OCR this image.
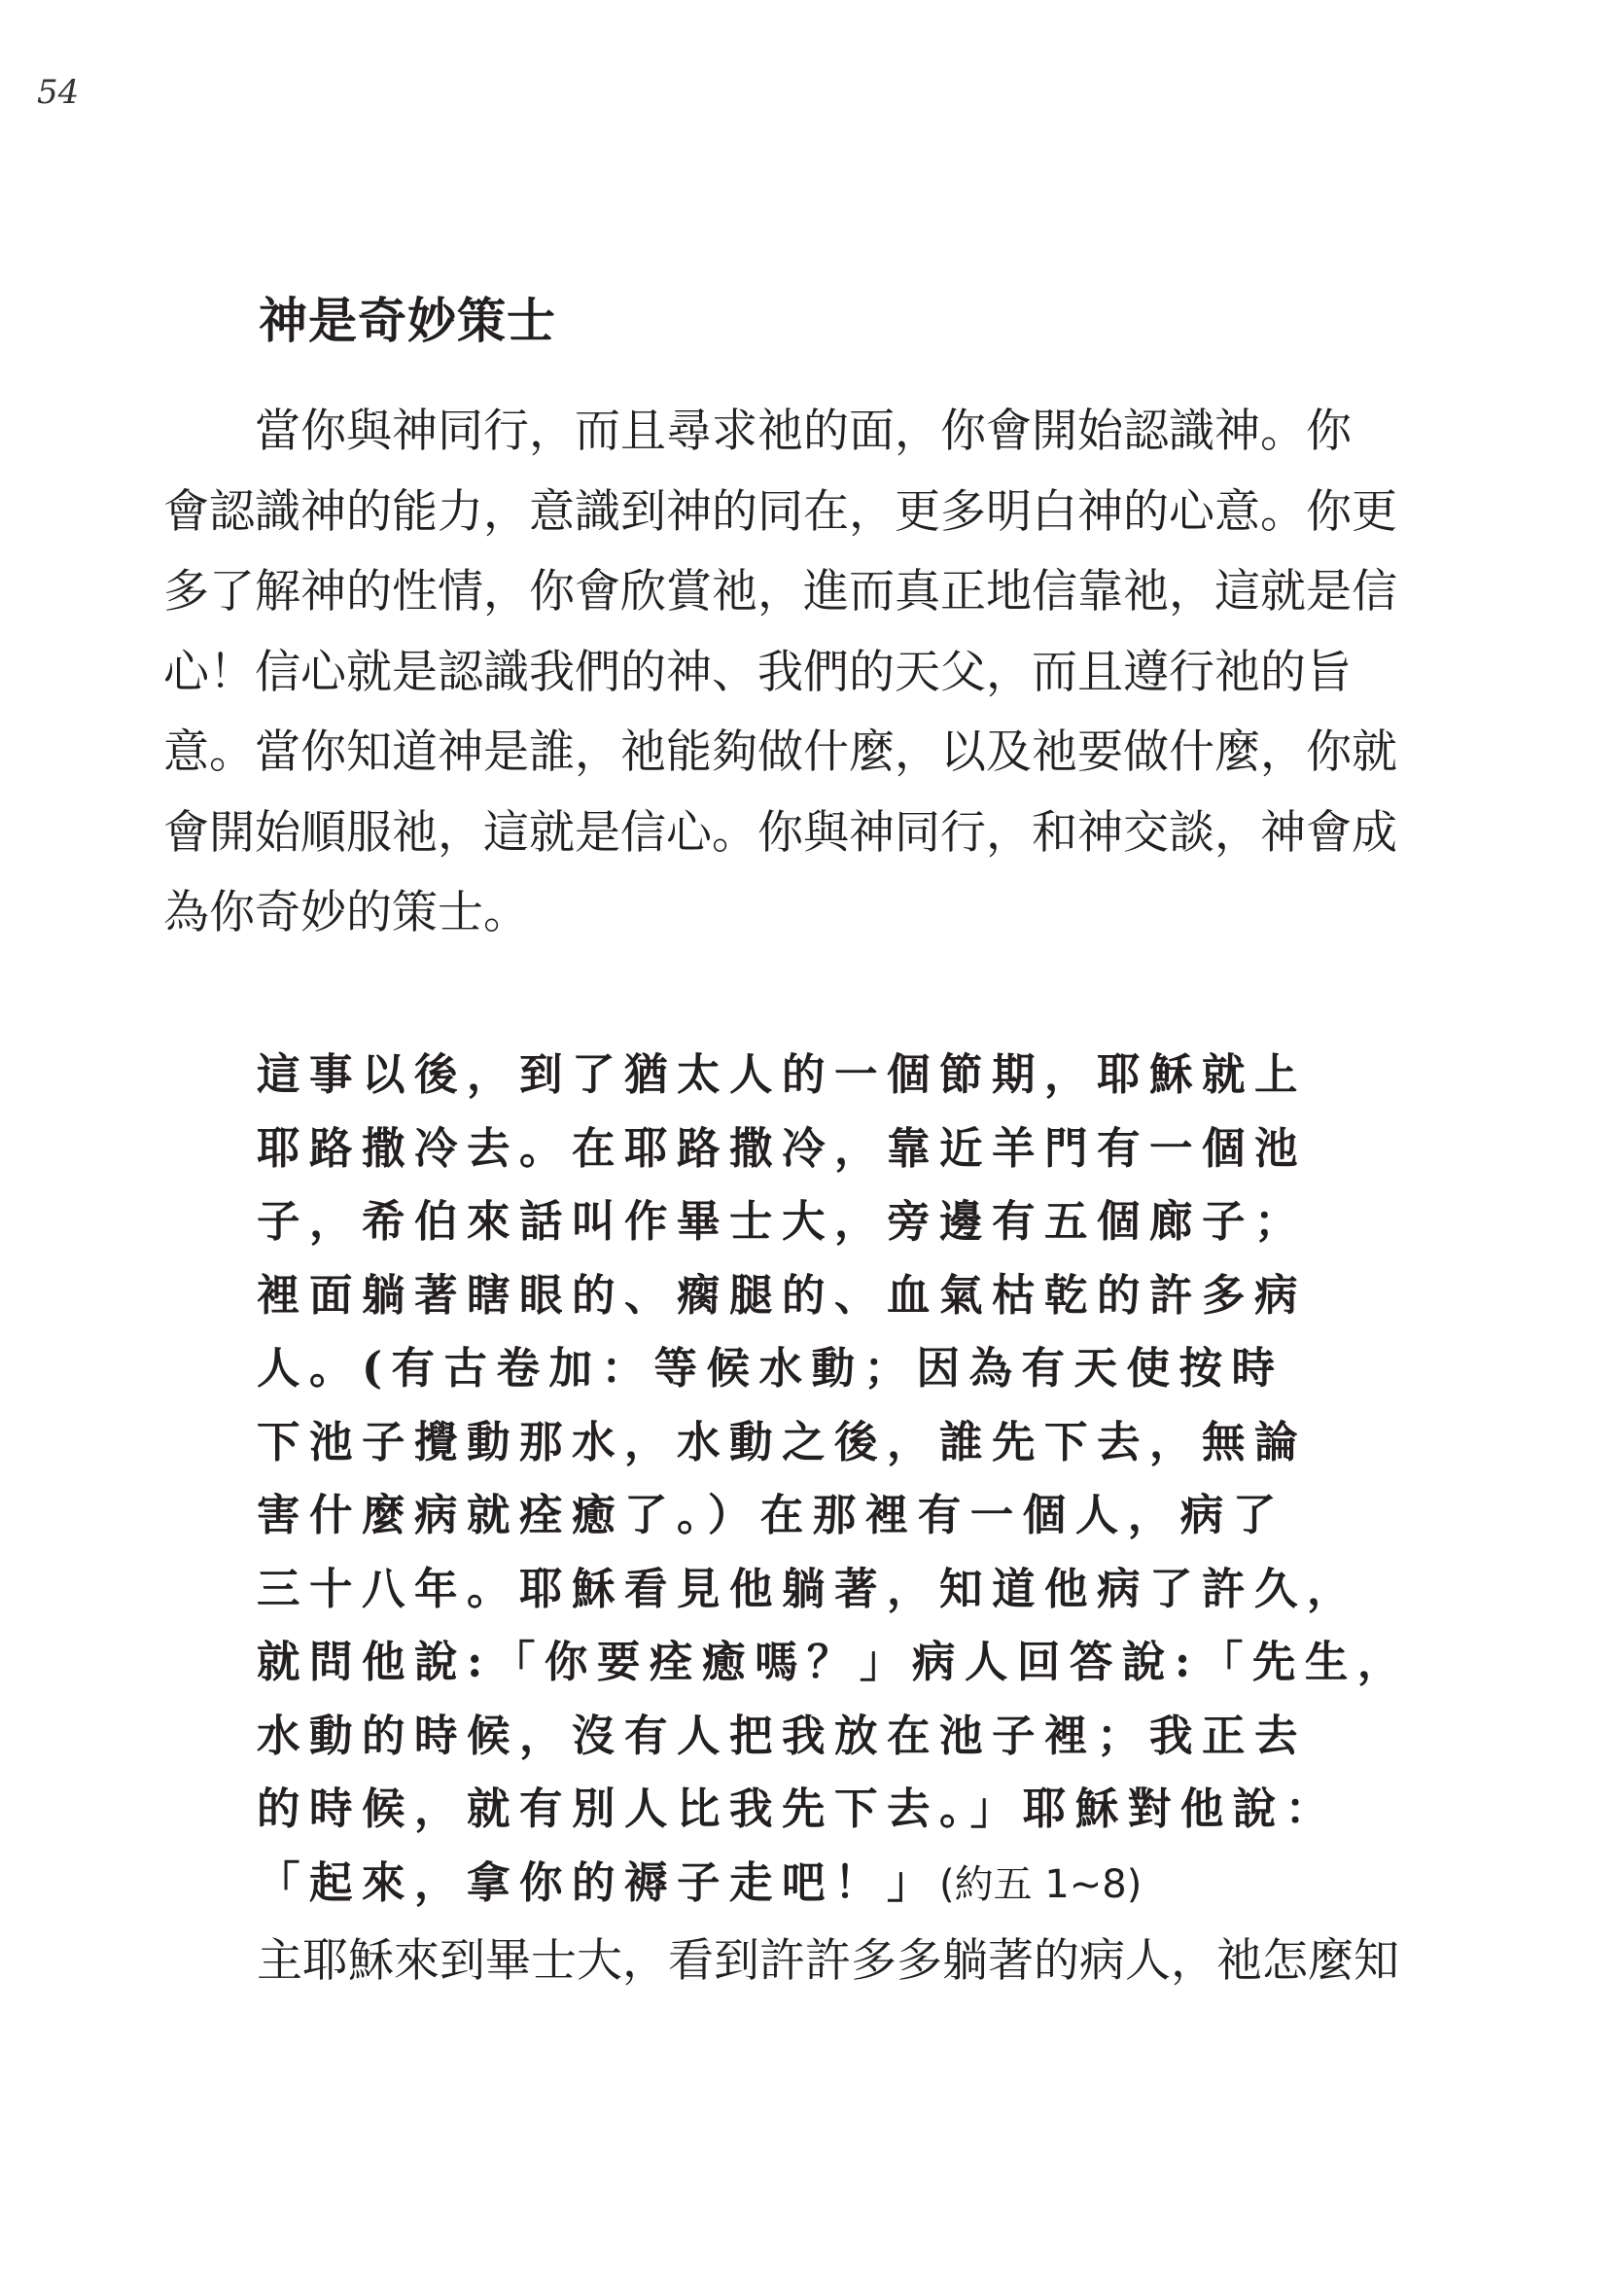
54
神是奇妙策士
　　當你與神同行，而且尋求祂的面，你會開始認識神。你
會認識神的能力，意識到神的同在，更多明白神的心意。你更
多了解神的性情，你會欣賞祂，進而真正地信靠祂，這就是信
心！信心就是認識我們的神、我們的天父，而且遵行祂的旨
意。當你知道神是誰，祂能夠做什麼，以及祂要做什麼，你就
會開始順服祂，這就是信心。你與神同行，和神交談，神會成
為你奇妙的策士。
這事以後，到了猶太人的一個節期，耶穌就上
耶路撒冷去。在耶路撒冷，靠近羊門有一個池
子，希伯來話叫作畢士大，旁邊有五個廊子；
裡面躺著瞎眼的、瘸腿的、血氣枯乾的許多病
人。(有古卷加：等候水動；因為有天使按時
下池子攪動那水，水動之後，誰先下去，無論
害什麼病就痊癒了。）在那裡有一個人，病了
三十八年。耶穌看見他躺著，知道他病了許久，
就問他說:「你要痊癒嗎？」病人回答說:「先生，
水動的時候，沒有人把我放在池子裡；我正去
的時候，就有別人比我先下去。」耶穌對他說：
「起來，拿你的褥子走吧！」(約五 1~8)

主耶穌來到畢士大，看到許許多多躺著的病人，祂怎麼知
